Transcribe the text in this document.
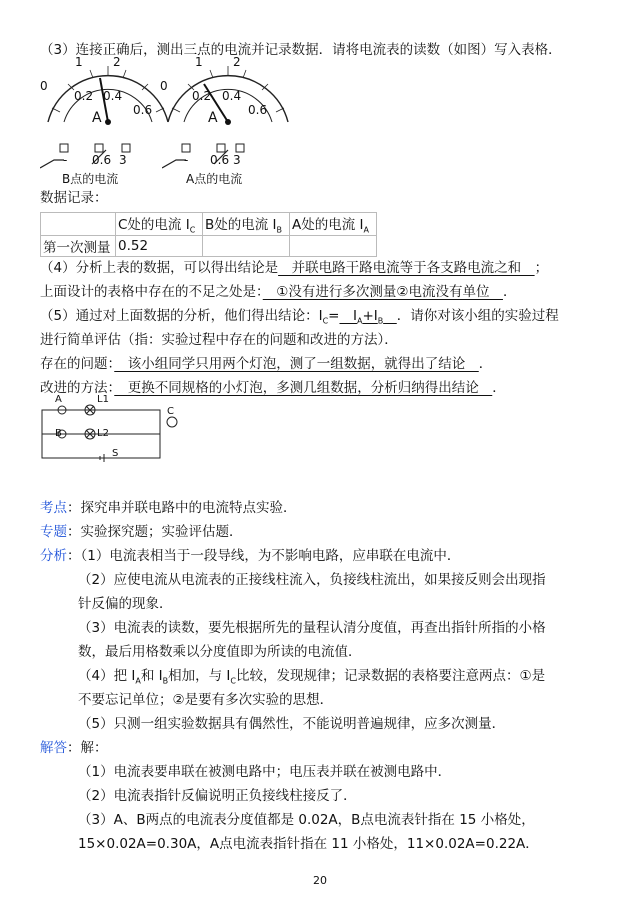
（3）连接正确后，测出三点的电流并记录数据．请将电流表的读数（如图）写入表格．
0
1	2
0.2 0.4
0.6
A
- 0.6 3
B点的电流
0
1	2
0.2 0.4
0.6
A
- 0.6 3
A点的电流
数据记录：
	C处的电流 $I_C$	B处的电流 $I_B$	A处的电流 $I_A$
第一次测量	0.52		
（4）分析上表的数据，可以得出结论是　并联电路干路电流等于各支路电流之和　；
上面设计的表格中存在的不足之处是：　①没有进行多次测量②电流没有单位　．
（5）通过对上面数据的分析，他们得出结论：$I_C=$　$I_A+I_B$　 ．请你对该小组的实验过程
进行简单评估（指：实验过程中存在的问题和改进的方法）．
存在的问题：　该小组同学只用两个灯泡，测了一组数据，就得出了结论　．
改进的方法：　更换不同规格的小灯泡，多测几组数据，分析归纳得出结论　．
A	L1
C
B	L2
S
考点：探究串并联电路中的电流特点实验．
专题：实验探究题；实验评估题．
分析：（1）电流表相当于一段导线，为不影响电路，应串联在电流中．
（2）应使电流从电流表的正接线柱流入，负接线柱流出，如果接反则会出现指
针反偏的现象．
（3）电流表的读数，要先根据所先的量程认清分度值，再查出指针所指的小格
数，最后用格数乘以分度值即为所读的电流值．
（4）把 $I_A$和 $I_B$相加，与 $I_C$比较，发现规律；记录数据的表格要注意两点：①是
不要忘记单位；②是要有多次实验的思想．
（5）只测一组实验数据具有偶然性，不能说明普遍规律，应多次测量．
解答：解：
（1）电流表要串联在被测电路中；电压表并联在被测电路中．
（2）电流表指针反偏说明正负接线柱接反了．
（3）A、B两点的电流表分度值都是 0.02A，B点电流表针指在 15 小格处，
15×0.02A=0.30A，A点电流表指针指在 11 小格处，11×0.02A=0.22A．
20
